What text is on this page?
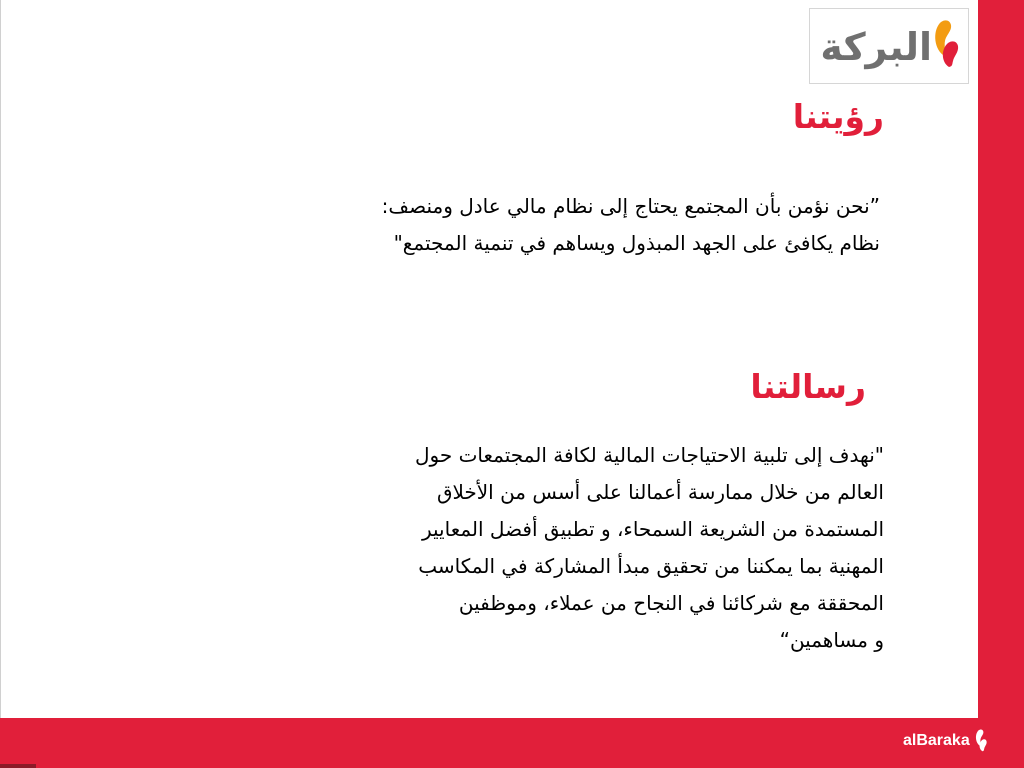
البركة
رؤيتنا

”نحن نؤمن بأن المجتمع يحتاج إلى نظام مالي عادل ومنصف:
نظام يكافئ على الجهد المبذول ويساهم في تنمية المجتمع"

رسالتنا

"نهدف إلى تلبية الاحتياجات المالية لكافة المجتمعات حول
العالم من خلال ممارسة أعمالنا على أسس من الأخلاق
المستمدة من الشريعة السمحاء، و تطبيق أفضل المعايير
المهنية بما يمكننا من تحقيق مبدأ المشاركة في المكاسب
المحققة مع شركائنا في النجاح من عملاء، وموظفين
و مساهمين“

alBaraka
